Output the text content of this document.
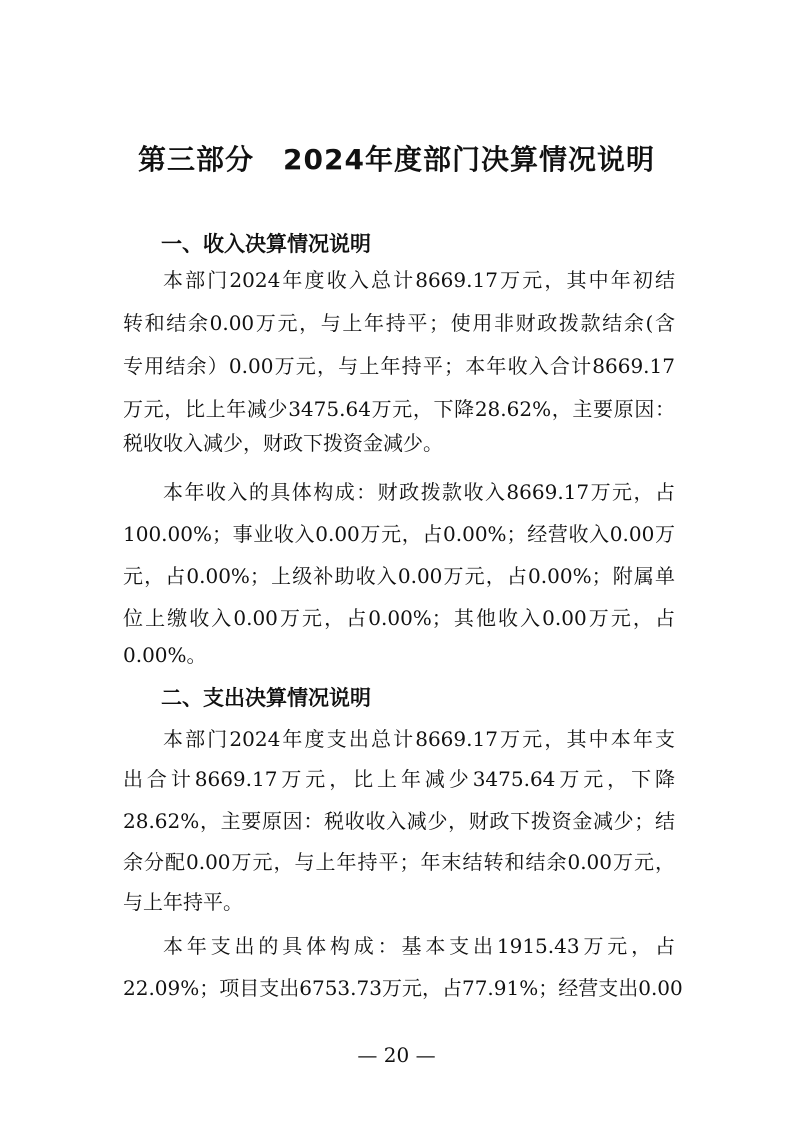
第三部分　2024年度部门决算情况说明
一、收入决算情况说明
本部门2024年度收入总计8669.17万元，其中年初结
转和结余0.00万元，与上年持平；使用非财政拨款结余(含
专用结余）0.00万元，与上年持平；本年收入合计8669.17
万元，比上年减少3475.64万元，下降28.62%，主要原因：
税收收入减少，财政下拨资金减少。
本年收入的具体构成：财政拨款收入8669.17万元，占
100.00%；事业收入0.00万元，占0.00%；经营收入0.00万
元，占0.00%；上级补助收入0.00万元，占0.00%；附属单
位上缴收入0.00万元，占0.00%；其他收入0.00万元，占
0.00%。
二、支出决算情况说明
本部门2024年度支出总计8669.17万元，其中本年支
出合计8669.17万元，比上年减少3475.64万元，下降
28.62%，主要原因：税收收入减少，财政下拨资金减少；结
余分配0.00万元，与上年持平；年末结转和结余0.00万元，
与上年持平。
本年支出的具体构成：基本支出1915.43万元，占
22.09%；项目支出6753.73万元，占77.91%；经营支出0.00
— 20 —
